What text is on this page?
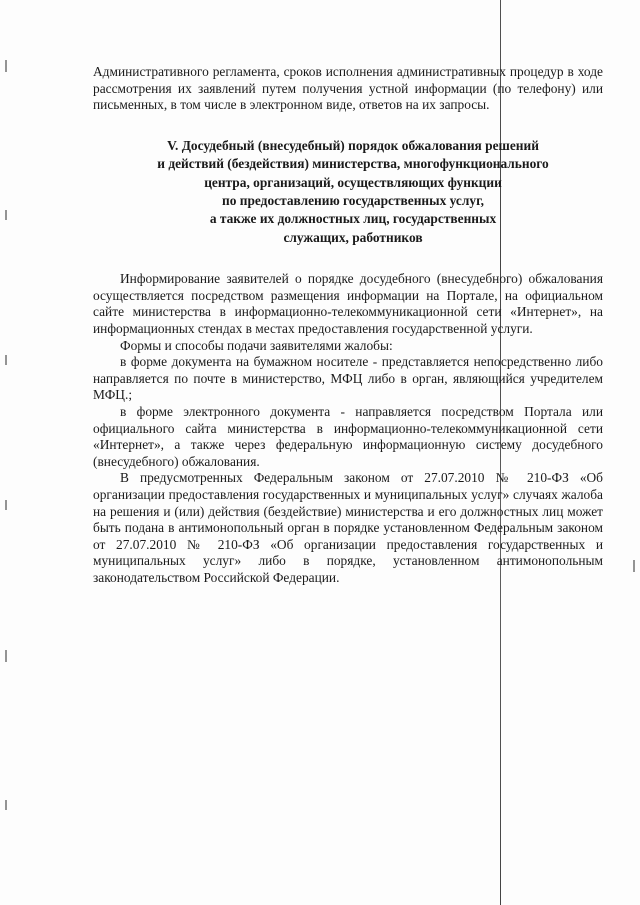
Административного регламента, сроков исполнения административных процедур в ходе рассмотрения их заявлений путем получения устной информации (по телефону) или письменных, в том числе в электронном виде, ответов на их запросы.

V. Досудебный (внесудебный) порядок обжалования решений
и действий (бездействия) министерства, многофункционального
центра, организаций, осуществляющих функции
по предоставлению государственных услуг,
а также их должностных лиц, государственных
служащих, работников

Информирование заявителей о порядке досудебного (внесудебного) обжалования осуществляется посредством размещения информации на Портале, на официальном сайте министерства в информационно-телекоммуникационной сети «Интернет», на информационных стендах в местах предоставления государственной услуги.

Формы и способы подачи заявителями жалобы:

в форме документа на бумажном носителе - представляется непосредственно либо направляется по почте в министерство, МФЦ либо в орган, являющийся учредителем МФЦ.;

в форме электронного документа - направляется посредством Портала или официального сайта министерства в информационно-телекоммуникационной сети «Интернет», а также через федеральную информационную систему досудебного (внесудебного) обжалования.

В предусмотренных Федеральным законом от 27.07.2010 № 210-ФЗ «Об организации предоставления государственных и муниципальных услуг» случаях жалоба на решения и (или) действия (бездействие) министерства и его должностных лиц может быть подана в антимонопольный орган в порядке установленном Федеральным законом от 27.07.2010 № 210-ФЗ «Об организации предоставления государственных и муниципальных услуг» либо в порядке, установленном антимонопольным законодательством Российской Федерации.
